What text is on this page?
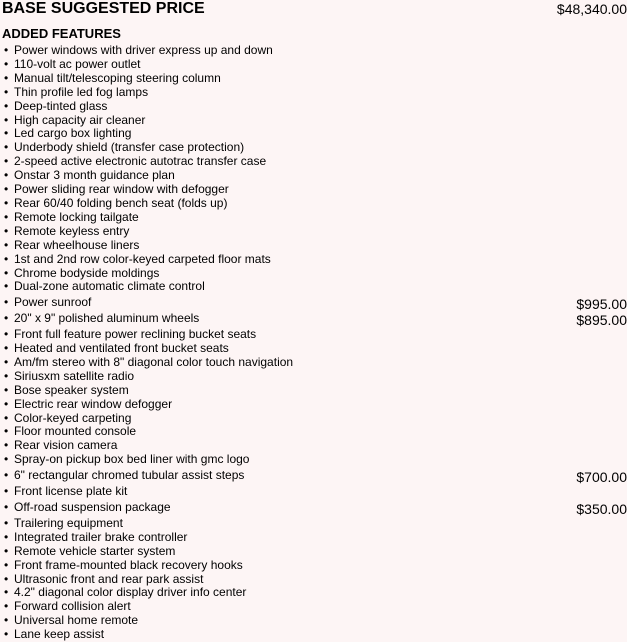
BASE SUGGESTED PRICE	$48,340.00
ADDED FEATURES
• Power windows with driver express up and down
• 110-volt ac power outlet
• Manual tilt/telescoping steering column
• Thin profile led fog lamps
• Deep-tinted glass
• High capacity air cleaner
• Led cargo box lighting
• Underbody shield (transfer case protection)
• 2-speed active electronic autotrac transfer case
• Onstar 3 month guidance plan
• Power sliding rear window with defogger
• Rear 60/40 folding bench seat (folds up)
• Remote locking tailgate
• Remote keyless entry
• Rear wheelhouse liners
• 1st and 2nd row color-keyed carpeted floor mats
• Chrome bodyside moldings
• Dual-zone automatic climate control
• Power sunroof	$995.00
• 20" x 9" polished aluminum wheels	$895.00
• Front full feature power reclining bucket seats
• Heated and ventilated front bucket seats
• Am/fm stereo with 8" diagonal color touch navigation
• Siriusxm satellite radio
• Bose speaker system
• Electric rear window defogger
• Color-keyed carpeting
• Floor mounted console
• Rear vision camera
• Spray-on pickup box bed liner with gmc logo
• 6" rectangular chromed tubular assist steps	$700.00
• Front license plate kit
• Off-road suspension package	$350.00
• Trailering equipment
• Integrated trailer brake controller
• Remote vehicle starter system
• Front frame-mounted black recovery hooks
• Ultrasonic front and rear park assist
• 4.2" diagonal color display driver info center
• Forward collision alert
• Universal home remote
• Lane keep assist
